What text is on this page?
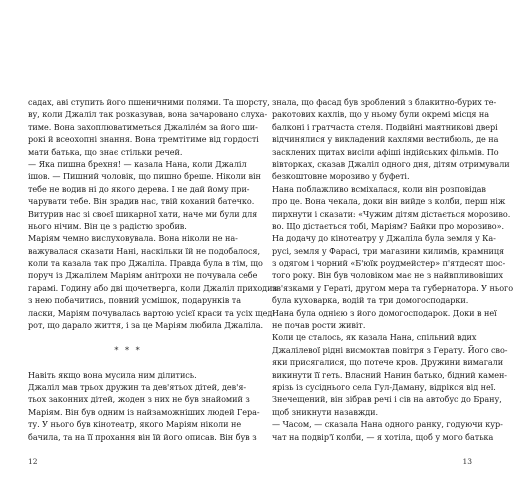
садах, аві ступить його пшеничними полями. Та шорсту,
ву, коли Джаліл так розказував, вона зачаровано слуха-
тиме. Вона захоплюватиметься Джаліле́м за його ши-
рокі й всеохопні знання. Вона тремтітиме від гордості
мати батька, що знає стільки речей.
— Яка пишна брехня! — казала Нана, коли Джаліл
ішов. — Пишний чоловік, що пишно бреше. Ніколи він
тебе не водив ні до якого дерева. І не дай йому при-
чарувати тебе. Він зрадив нас, твій коханий батечко.
Витурив нас зі своєї шикарної хати, наче ми були для
нього нічим. Він це з радістю зробив.
Маріям чемно вислуховувала. Вона ніколи не на-
важувалася сказати Нані, наскільки їй не подобалося,
коли та казала так про Джаліла. Правда була в тім, що
поруч із Джалілем Маріям анітрохи не почувала себе
гарамі. Годину або дві щочетверга, коли Джаліл приходив
з нею побачитись, повний усмішок, подарунків та
ласки, Маріям почувалась вартою усієї краси та усіх щед-
рот, що дарало життя, і за це Маріям любила Джаліла.
* * *
Навіть якщо вона мусила ним ділитись.
Джаліл мав трьох дружин та дев'ятьох дітей, дев'я-
тьох законних дітей, жоден з них не був знайомий з
Маріям. Він був одним із найзаможніших людей Гера-
ту. У нього був кінотеатр, якого Маріям ніколи не
бачила, та на її прохання він їй його описав. Він був з
12
знала, що фасад був зроблений з блакитно-бурих те-
ракотових кахлів, що у ньому були окремі місця на
балконі і гратчаста стеля. Подвійні маятникові двері
відчинялися у викладений кахлями вестибюль, де на
засклених щитах висіли афіші індійських фільмів. По
вівторках, сказав Джаліл одного дня, дітям отримували
безкоштовне морозиво у буфеті.
Нана поблажливо всміхалася, коли він розповідав
про це. Вона чекала, доки він вийде з колби, перш ніж
пирхнути і сказати: «Чужим дітям дістається морозиво.
во. Що дістається тобі, Маріям? Байки про морозиво».
На додачу до кінотеатру у Джаліла була земля у Ка-
русі, земля у Фарасі, три магазини килимів, крамниця
з одягом і чорний «Б'юїк роудмейстер» п'ятдесят шос-
того року. Він був чоловіком має не з найвпливовіших
зв'язками у Гераті, другом мера та губернатора. У нього
була куховарка, водій та три домогосподарки.
Нана була однією з його домогосподарок. Доки в неї
не почав рости живіт.
Коли це сталось, як казала Нана, спільний вдих
Джалілевої рідні висмоктав повітря з Герату. Його сво-
яки присягалися, що потече кров. Дружини вимагали
викинути її геть. Власний Нанин батько, бідний камен-
ярізь із сусіднього села Гул-Даману, відрікся від неї.
Знечещений, він зібрав речі і сів на автобус до Брану,
щоб зникнути назавжди.
— Часом, — сказала Нана одного ранку, годуючи кур-
чат на подвір'ї колби, — я хотіла, щоб у мого батька
13
